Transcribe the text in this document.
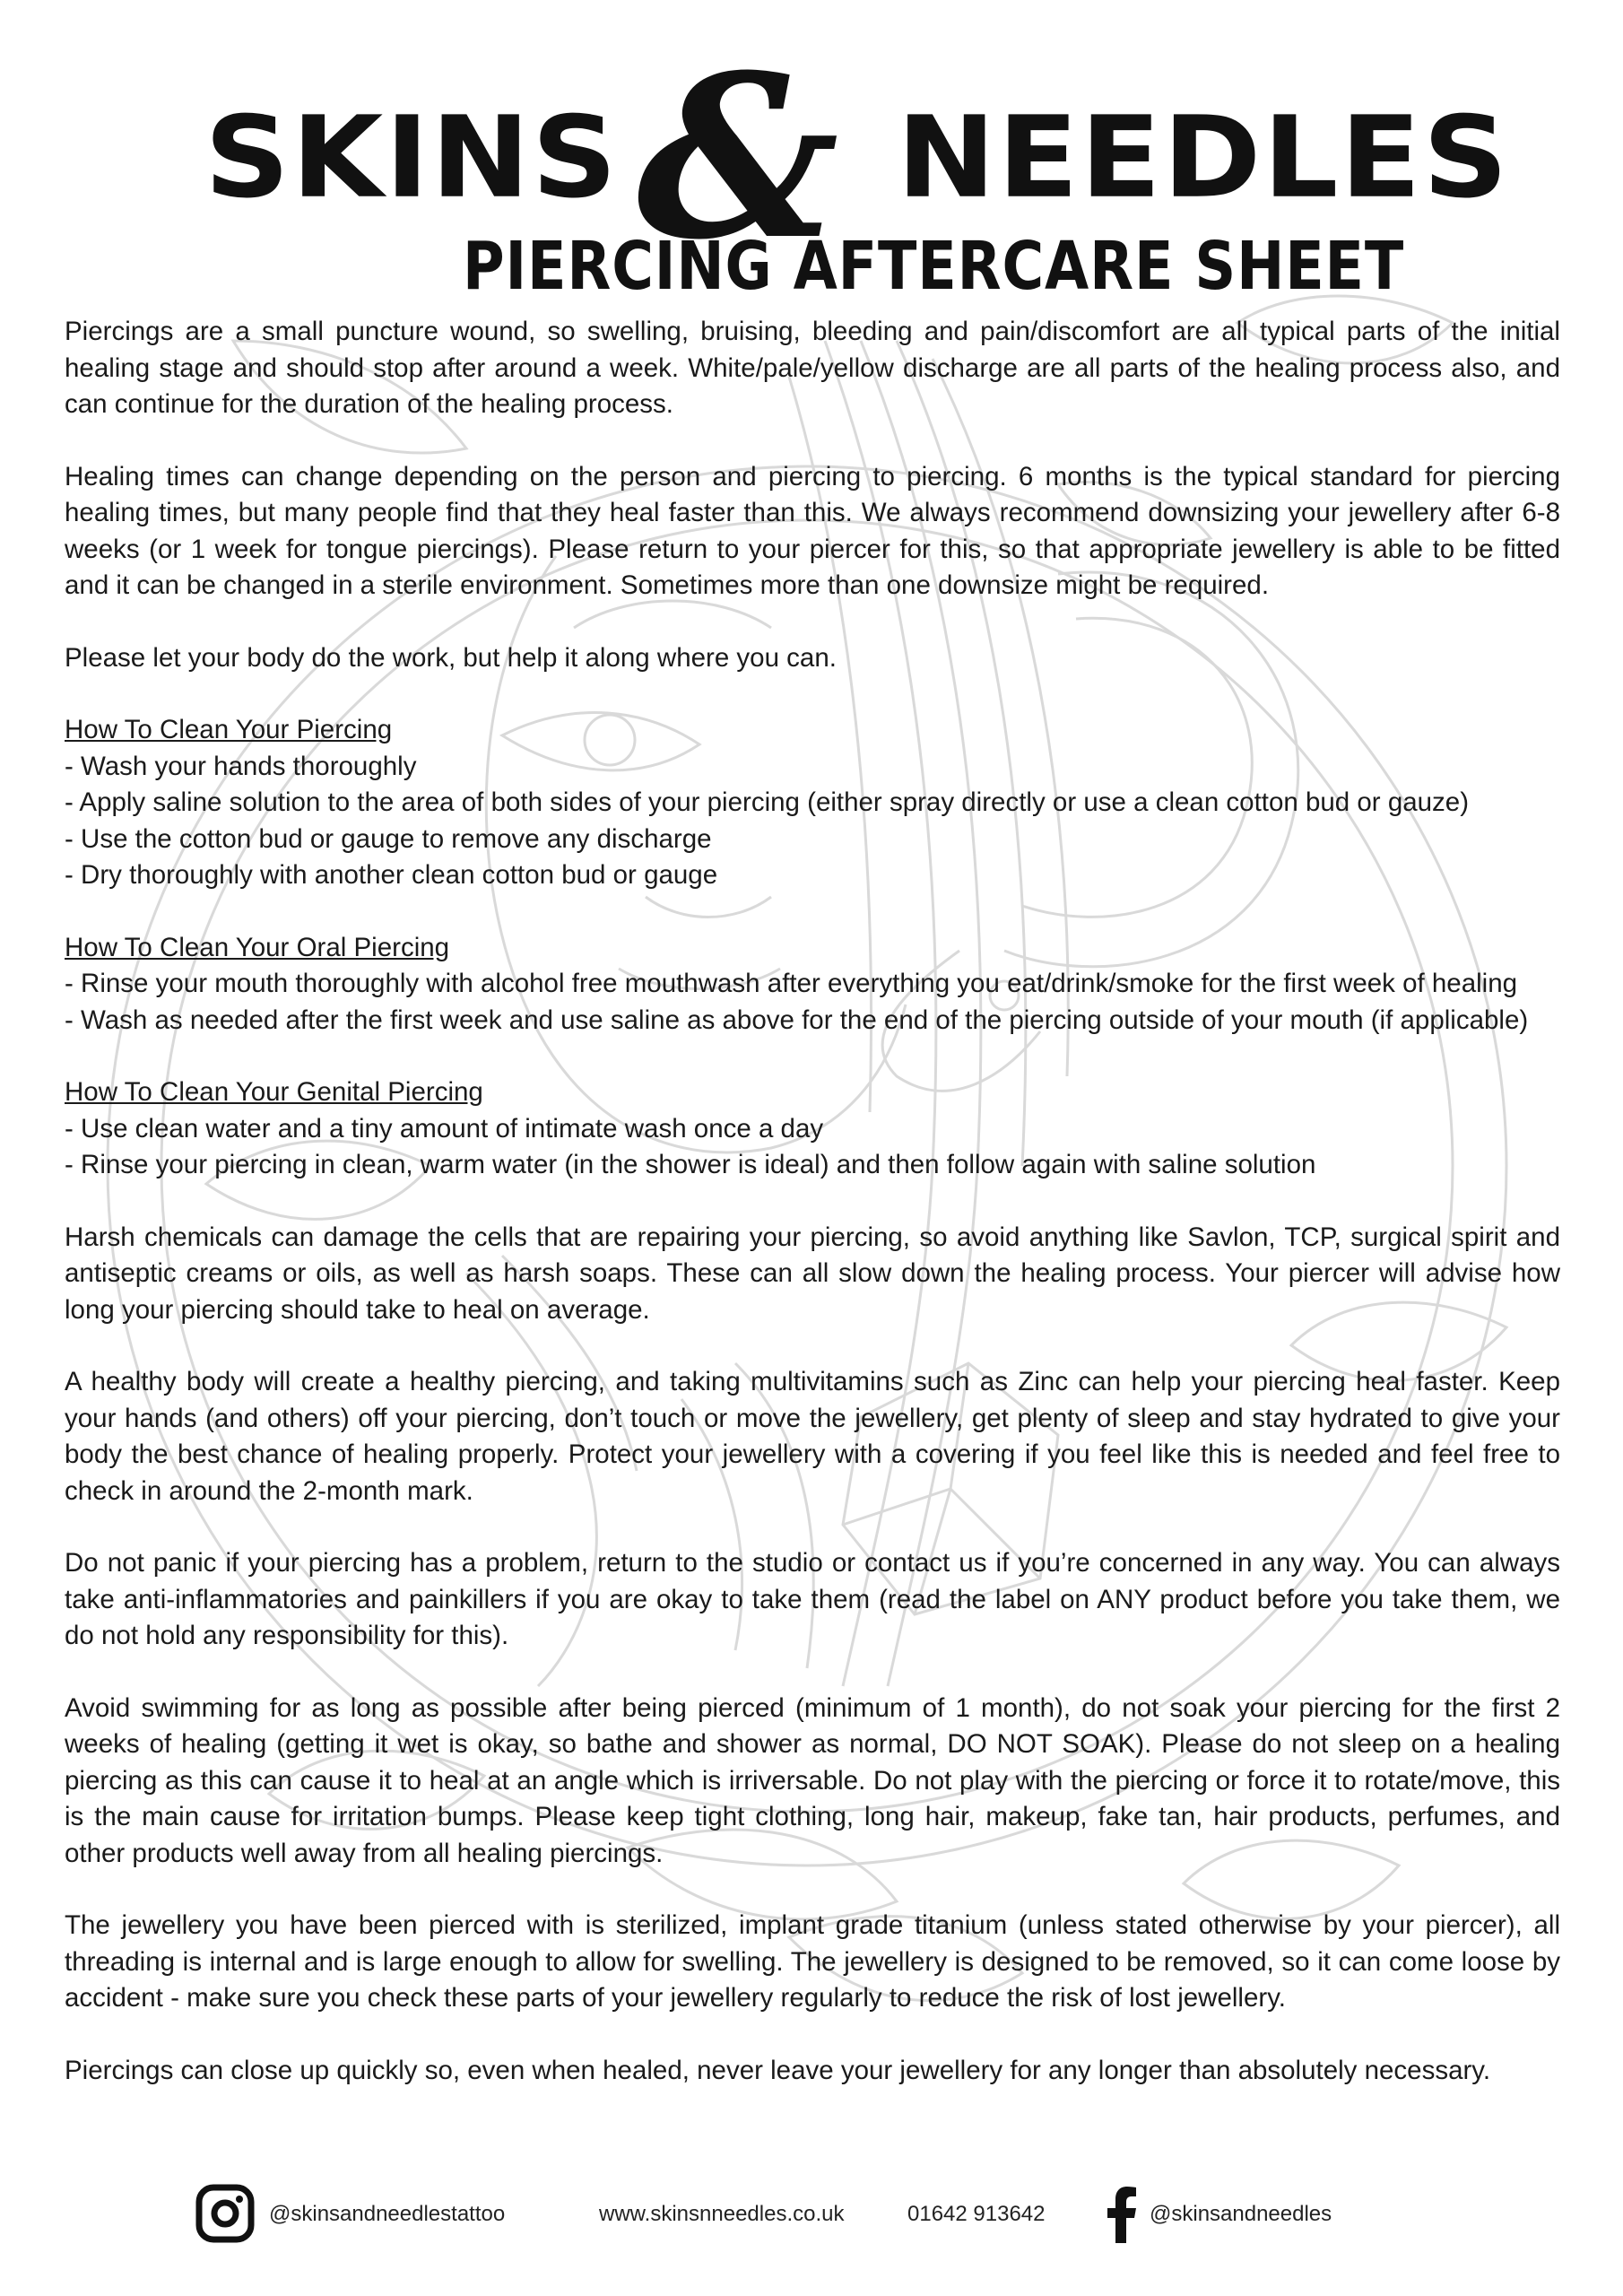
SKINS & NEEDLES
PIERCING AFTERCARE SHEET

Piercings are a small puncture wound, so swelling, bruising, bleeding and pain/discomfort are all typical parts of the initial healing stage and should stop after around a week. White/pale/yellow discharge are all parts of the healing process also, and can continue for the duration of the healing process.

Healing times can change depending on the person and piercing to piercing. 6 months is the typical standard for piercing healing times, but many people find that they heal faster than this. We always recommend downsizing your jewellery after 6-8 weeks (or 1 week for tongue piercings). Please return to your piercer for this, so that appropriate jewellery is able to be fitted and it can be changed in a sterile environment. Sometimes more than one downsize might be required.

Please let your body do the work, but help it along where you can.

How To Clean Your Piercing
- Wash your hands thoroughly
- Apply saline solution to the area of both sides of your piercing (either spray directly or use a clean cotton bud or gauze)
- Use the cotton bud or gauge to remove any discharge
- Dry thoroughly with another clean cotton bud or gauge
How To Clean Your Oral Piercing
- Rinse your mouth thoroughly with alcohol free mouthwash after everything you eat/drink/smoke for the first week of healing
- Wash as needed after the first week and use saline as above for the end of the piercing outside of your mouth (if applicable)
How To Clean Your Genital Piercing
- Use clean water and a tiny amount of intimate wash once a day
- Rinse your piercing in clean, warm water (in the shower is ideal) and then follow again with saline solution

Harsh chemicals can damage the cells that are repairing your piercing, so avoid anything like Savlon, TCP, surgical spirit and antiseptic creams or oils, as well as harsh soaps. These can all slow down the healing process. Your piercer will advise how long your piercing should take to heal on average.

A healthy body will create a healthy piercing, and taking multivitamins such as Zinc can help your piercing heal faster. Keep your hands (and others) off your piercing, don’t touch or move the jewellery, get plenty of sleep and stay hydrated to give your body the best chance of healing properly. Protect your jewellery with a covering if you feel like this is needed and feel free to check in around the 2-month mark.

Do not panic if your piercing has a problem, return to the studio or contact us if you’re concerned in any way. You can always take anti-inflammatories and painkillers if you are okay to take them (read the label on ANY product before you take them, we do not hold any responsibility for this).

Avoid swimming for as long as possible after being pierced (minimum of 1 month), do not soak your piercing for the first 2 weeks of healing (getting it wet is okay, so bathe and shower as normal, DO NOT SOAK). Please do not sleep on a healing piercing as this can cause it to heal at an angle which is irriversable. Do not play with the piercing or force it to rotate/move, this is the main cause for irritation bumps. Please keep tight clothing, long hair, makeup, fake tan, hair products, perfumes, and other products well away from all healing piercings.

The jewellery you have been pierced with is sterilized, implant grade titanium (unless stated otherwise by your piercer), all threading is internal and is large enough to allow for swelling. The jewellery is designed to be removed, so it can come loose by accident - make sure you check these parts of your jewellery regularly to reduce the risk of lost jewellery.

Piercings can close up quickly so, even when healed, never leave your jewellery for any longer than absolutely necessary.

@skinsandneedlestattoo	www.skinsnneedles.co.uk	01642 913642	@skinsandneedles
